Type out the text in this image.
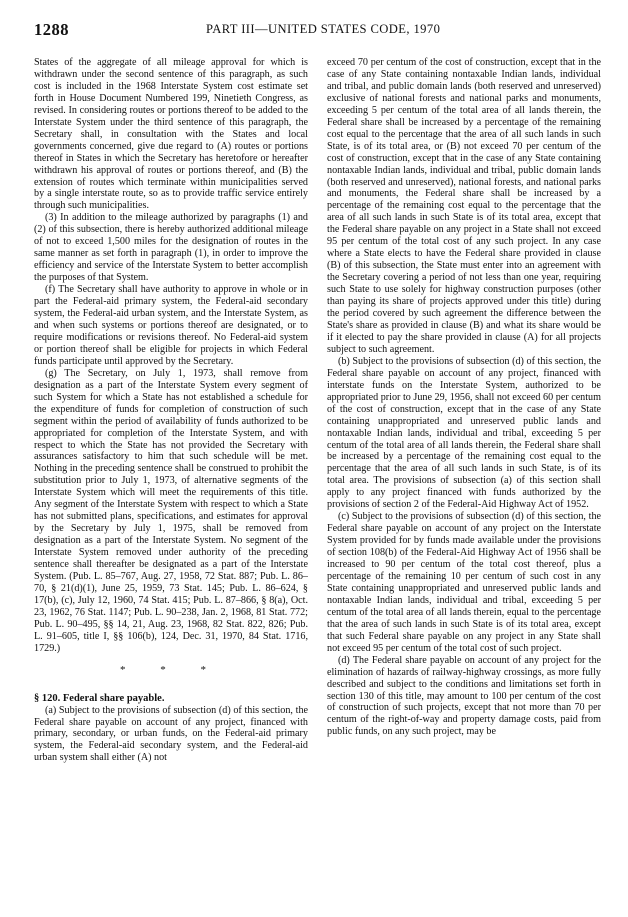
1288	PART III—UNITED STATES CODE, 1970

States of the aggregate of all mileage approval for which is withdrawn under the second sentence of this paragraph, as such cost is included in the 1968 Interstate System cost estimate set forth in House Document Numbered 199, Ninetieth Congress, as revised. In considering routes or portions thereof to be added to the Interstate System under the third sentence of this paragraph, the Secretary shall, in consultation with the States and local governments concerned, give due regard to (A) routes or portions thereof in States in which the Secretary has heretofore or hereafter withdrawn his approval of routes or portions thereof, and (B) the extension of routes which terminate within municipalities served by a single interstate route, so as to provide traffic service entirely through such municipalities.

(3) In addition to the mileage authorized by paragraphs (1) and (2) of this subsection, there is hereby authorized additional mileage of not to exceed 1,500 miles for the designation of routes in the same manner as set forth in paragraph (1), in order to improve the efficiency and service of the Interstate System to better accomplish the purposes of that System.

(f) The Secretary shall have authority to approve in whole or in part the Federal-aid primary system, the Federal-aid secondary system, the Federal-aid urban system, and the Interstate System, as and when such systems or portions thereof are designated, or to require modifications or revisions thereof. No Federal-aid system or portion thereof shall be eligible for projects in which Federal funds participate until approved by the Secretary.

(g) The Secretary, on July 1, 1973, shall remove from designation as a part of the Interstate System every segment of such System for which a State has not established a schedule for the expenditure of funds for completion of construction of such segment within the period of availability of funds authorized to be appropriated for completion of the Interstate System, and with respect to which the State has not provided the Secretary with assurances satisfactory to him that such schedule will be met. Nothing in the preceding sentence shall be construed to prohibit the substitution prior to July 1, 1973, of alternative segments of the Interstate System which will meet the requirements of this title. Any segment of the Interstate System with respect to which a State has not submitted plans, specifications, and estimates for approval by the Secretary by July 1, 1975, shall be removed from designation as a part of the Interstate System. No segment of the Interstate System removed under authority of the preceding sentence shall thereafter be designated as a part of the Interstate System. (Pub. L. 85–767, Aug. 27, 1958, 72 Stat. 887; Pub. L. 86–70, § 21(d)(1), June 25, 1959, 73 Stat. 145; Pub. L. 86–624, § 17(b), (c), July 12, 1960, 74 Stat. 415; Pub. L. 87–866, § 8(a), Oct. 23, 1962, 76 Stat. 1147; Pub. L. 90–238, Jan. 2, 1968, 81 Stat. 772; Pub. L. 90–495, §§ 14, 21, Aug. 23, 1968, 82 Stat. 822, 826; Pub. L. 91–605, title I, §§ 106(b), 124, Dec. 31, 1970, 84 Stat. 1716, 1729.)

* * *

§ 120. Federal share payable.

(a) Subject to the provisions of subsection (d) of this section, the Federal share payable on account of any project, financed with primary, secondary, or urban funds, on the Federal-aid primary system, the Federal-aid secondary system, and the Federal-aid urban system shall either (A) not

exceed 70 per centum of the cost of construction, except that in the case of any State containing nontaxable Indian lands, individual and tribal, and public domain lands (both reserved and unreserved) exclusive of national forests and national parks and monuments, exceeding 5 per centum of the total area of all lands therein, the Federal share shall be increased by a percentage of the remaining cost equal to the percentage that the area of all such lands in such State, is of its total area, or (B) not exceed 70 per centum of the cost of construction, except that in the case of any State containing nontaxable Indian lands, individual and tribal, public domain lands (both reserved and unreserved), national forests, and national parks and monuments, the Federal share shall be increased by a percentage of the remaining cost equal to the percentage that the area of all such lands in such State is of its total area, except that the Federal share payable on any project in a State shall not exceed 95 per centum of the total cost of any such project. In any case where a State elects to have the Federal share provided in clause (B) of this subsection, the State must enter into an agreement with the Secretary covering a period of not less than one year, requiring such State to use solely for highway construction purposes (other than paying its share of projects approved under this title) during the period covered by such agreement the difference between the State's share as provided in clause (B) and what its share would be if it elected to pay the share provided in clause (A) for all projects subject to such agreement.

(b) Subject to the provisions of subsection (d) of this section, the Federal share payable on account of any project, financed with interstate funds on the Interstate System, authorized to be appropriated prior to June 29, 1956, shall not exceed 60 per centum of the cost of construction, except that in the case of any State containing unappropriated and unreserved public lands and nontaxable Indian lands, individual and tribal, exceeding 5 per centum of the total area of all lands therein, the Federal share shall be increased by a percentage of the remaining cost equal to the percentage that the area of all such lands in such State, is of its total area. The provisions of subsection (a) of this section shall apply to any project financed with funds authorized by the provisions of section 2 of the Federal-Aid Highway Act of 1952.

(c) Subject to the provisions of subsection (d) of this section, the Federal share payable on account of any project on the Interstate System provided for by funds made available under the provisions of section 108(b) of the Federal-Aid Highway Act of 1956 shall be increased to 90 per centum of the total cost thereof, plus a percentage of the remaining 10 per centum of such cost in any State containing unappropriated and unreserved public lands and nontaxable Indian lands, individual and tribal, exceeding 5 per centum of the total area of all lands therein, equal to the percentage that the area of such lands in such State is of its total area, except that such Federal share payable on any project in any State shall not exceed 95 per centum of the total cost of such project.

(d) The Federal share payable on account of any project for the elimination of hazards of railway-highway crossings, as more fully described and subject to the conditions and limitations set forth in section 130 of this title, may amount to 100 per centum of the cost of construction of such projects, except that not more than 70 per centum of the right-of-way and property damage costs, paid from public funds, on any such project, may be
